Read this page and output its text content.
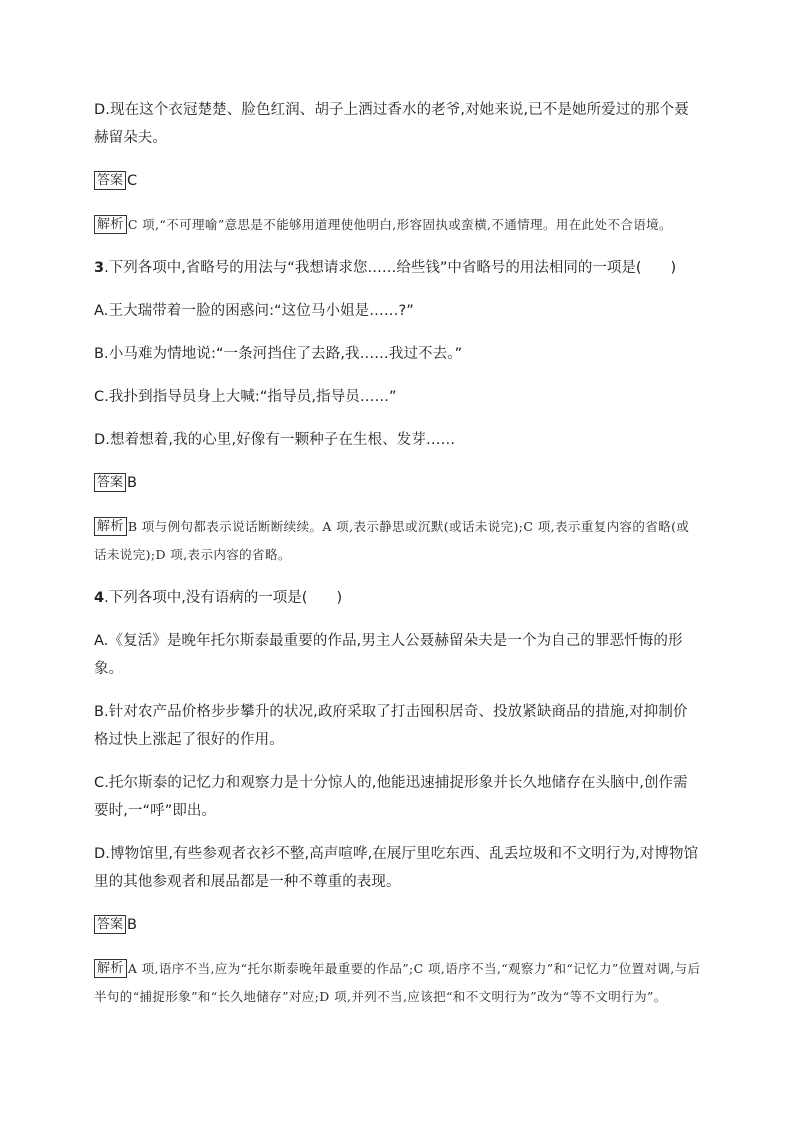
D.现在这个衣冠楚楚、脸色红润、胡子上洒过香水的老爷,对她来说,已不是她所爱过的那个聂赫留朵夫。

答案 C

解析 C 项,“不可理喻”意思是不能够用道理使他明白,形容固执或蛮横,不通情理。用在此处不合语境。

3.下列各项中,省略号的用法与“我想请求您……给些钱”中省略号的用法相同的一项是(　　)

A.王大瑞带着一脸的困惑问:“这位马小姐是……?”

B.小马难为情地说:“一条河挡住了去路,我……我过不去。”

C.我扑到指导员身上大喊:“指导员,指导员……”

D.想着想着,我的心里,好像有一颗种子在生根、发芽……

答案 B

解析 B 项与例句都表示说话断断续续。A 项,表示静思或沉默(或话未说完);C 项,表示重复内容的省略(或话未说完);D 项,表示内容的省略。

4.下列各项中,没有语病的一项是(　　)

A.《复活》是晚年托尔斯泰最重要的作品,男主人公聂赫留朵夫是一个为自己的罪恶忏悔的形象。

B.针对农产品价格步步攀升的状况,政府采取了打击囤积居奇、投放紧缺商品的措施,对抑制价格过快上涨起了很好的作用。

C.托尔斯泰的记忆力和观察力是十分惊人的,他能迅速捕捉形象并长久地储存在头脑中,创作需要时,一“呼”即出。

D.博物馆里,有些参观者衣衫不整,高声喧哗,在展厅里吃东西、乱丢垃圾和不文明行为,对博物馆里的其他参观者和展品都是一种不尊重的表现。

答案 B

解析 A 项,语序不当,应为“托尔斯泰晚年最重要的作品”;C 项,语序不当,“观察力”和“记忆力”位置对调,与后半句的“捕捉形象”和“长久地储存”对应;D 项,并列不当,应该把“和不文明行为”改为“等不文明行为”。
